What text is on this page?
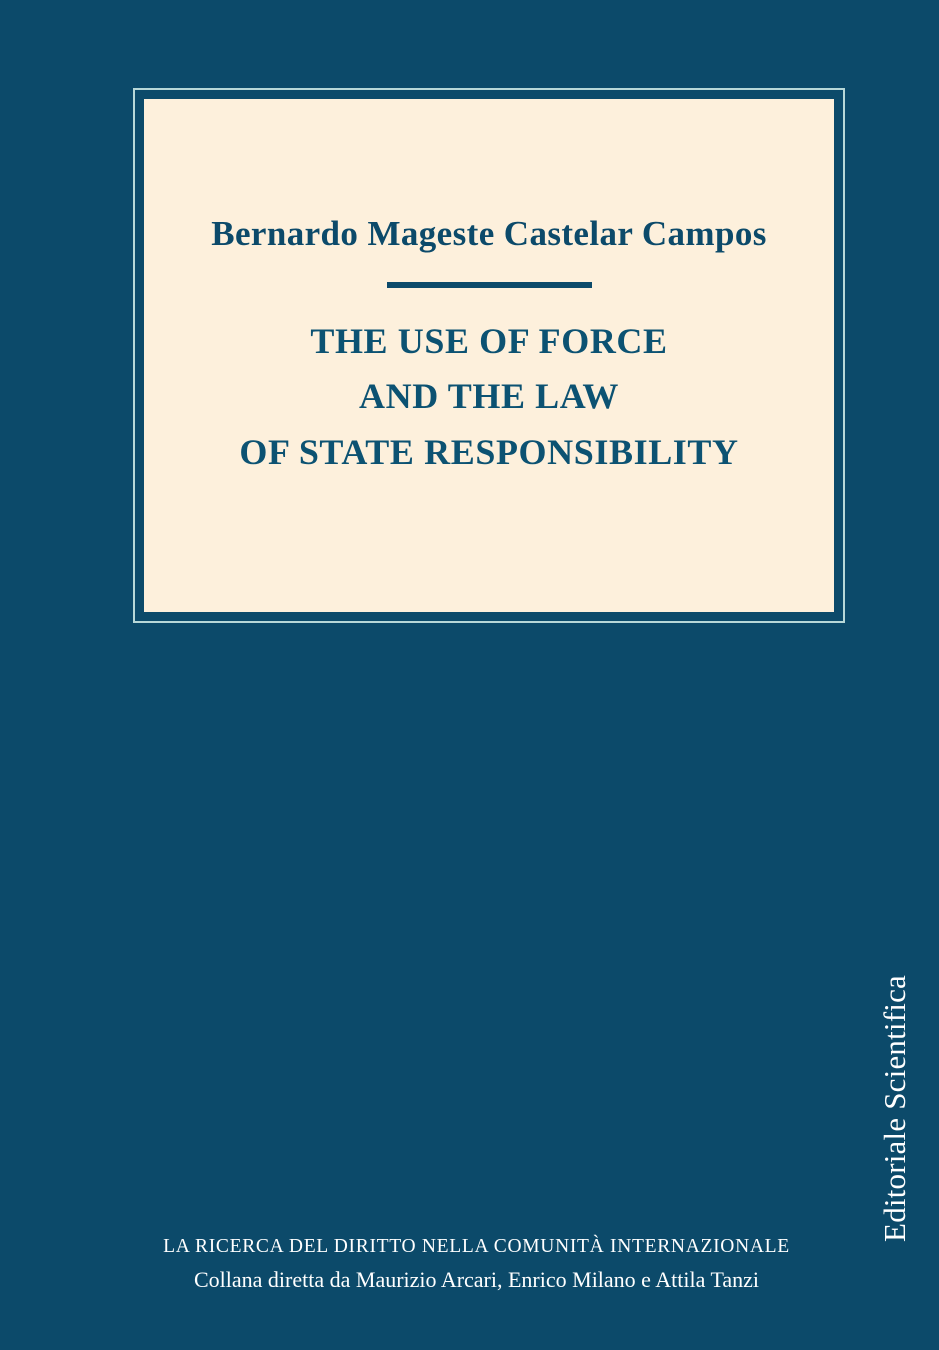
Bernardo Mageste Castelar Campos
THE USE OF FORCE
AND THE LAW
OF STATE RESPONSIBILITY
LA RICERCA DEL DIRITTO NELLA COMUNITÀ INTERNAZIONALE
Collana diretta da Maurizio Arcari, Enrico Milano e Attila Tanzi
Editoriale Scientifica
